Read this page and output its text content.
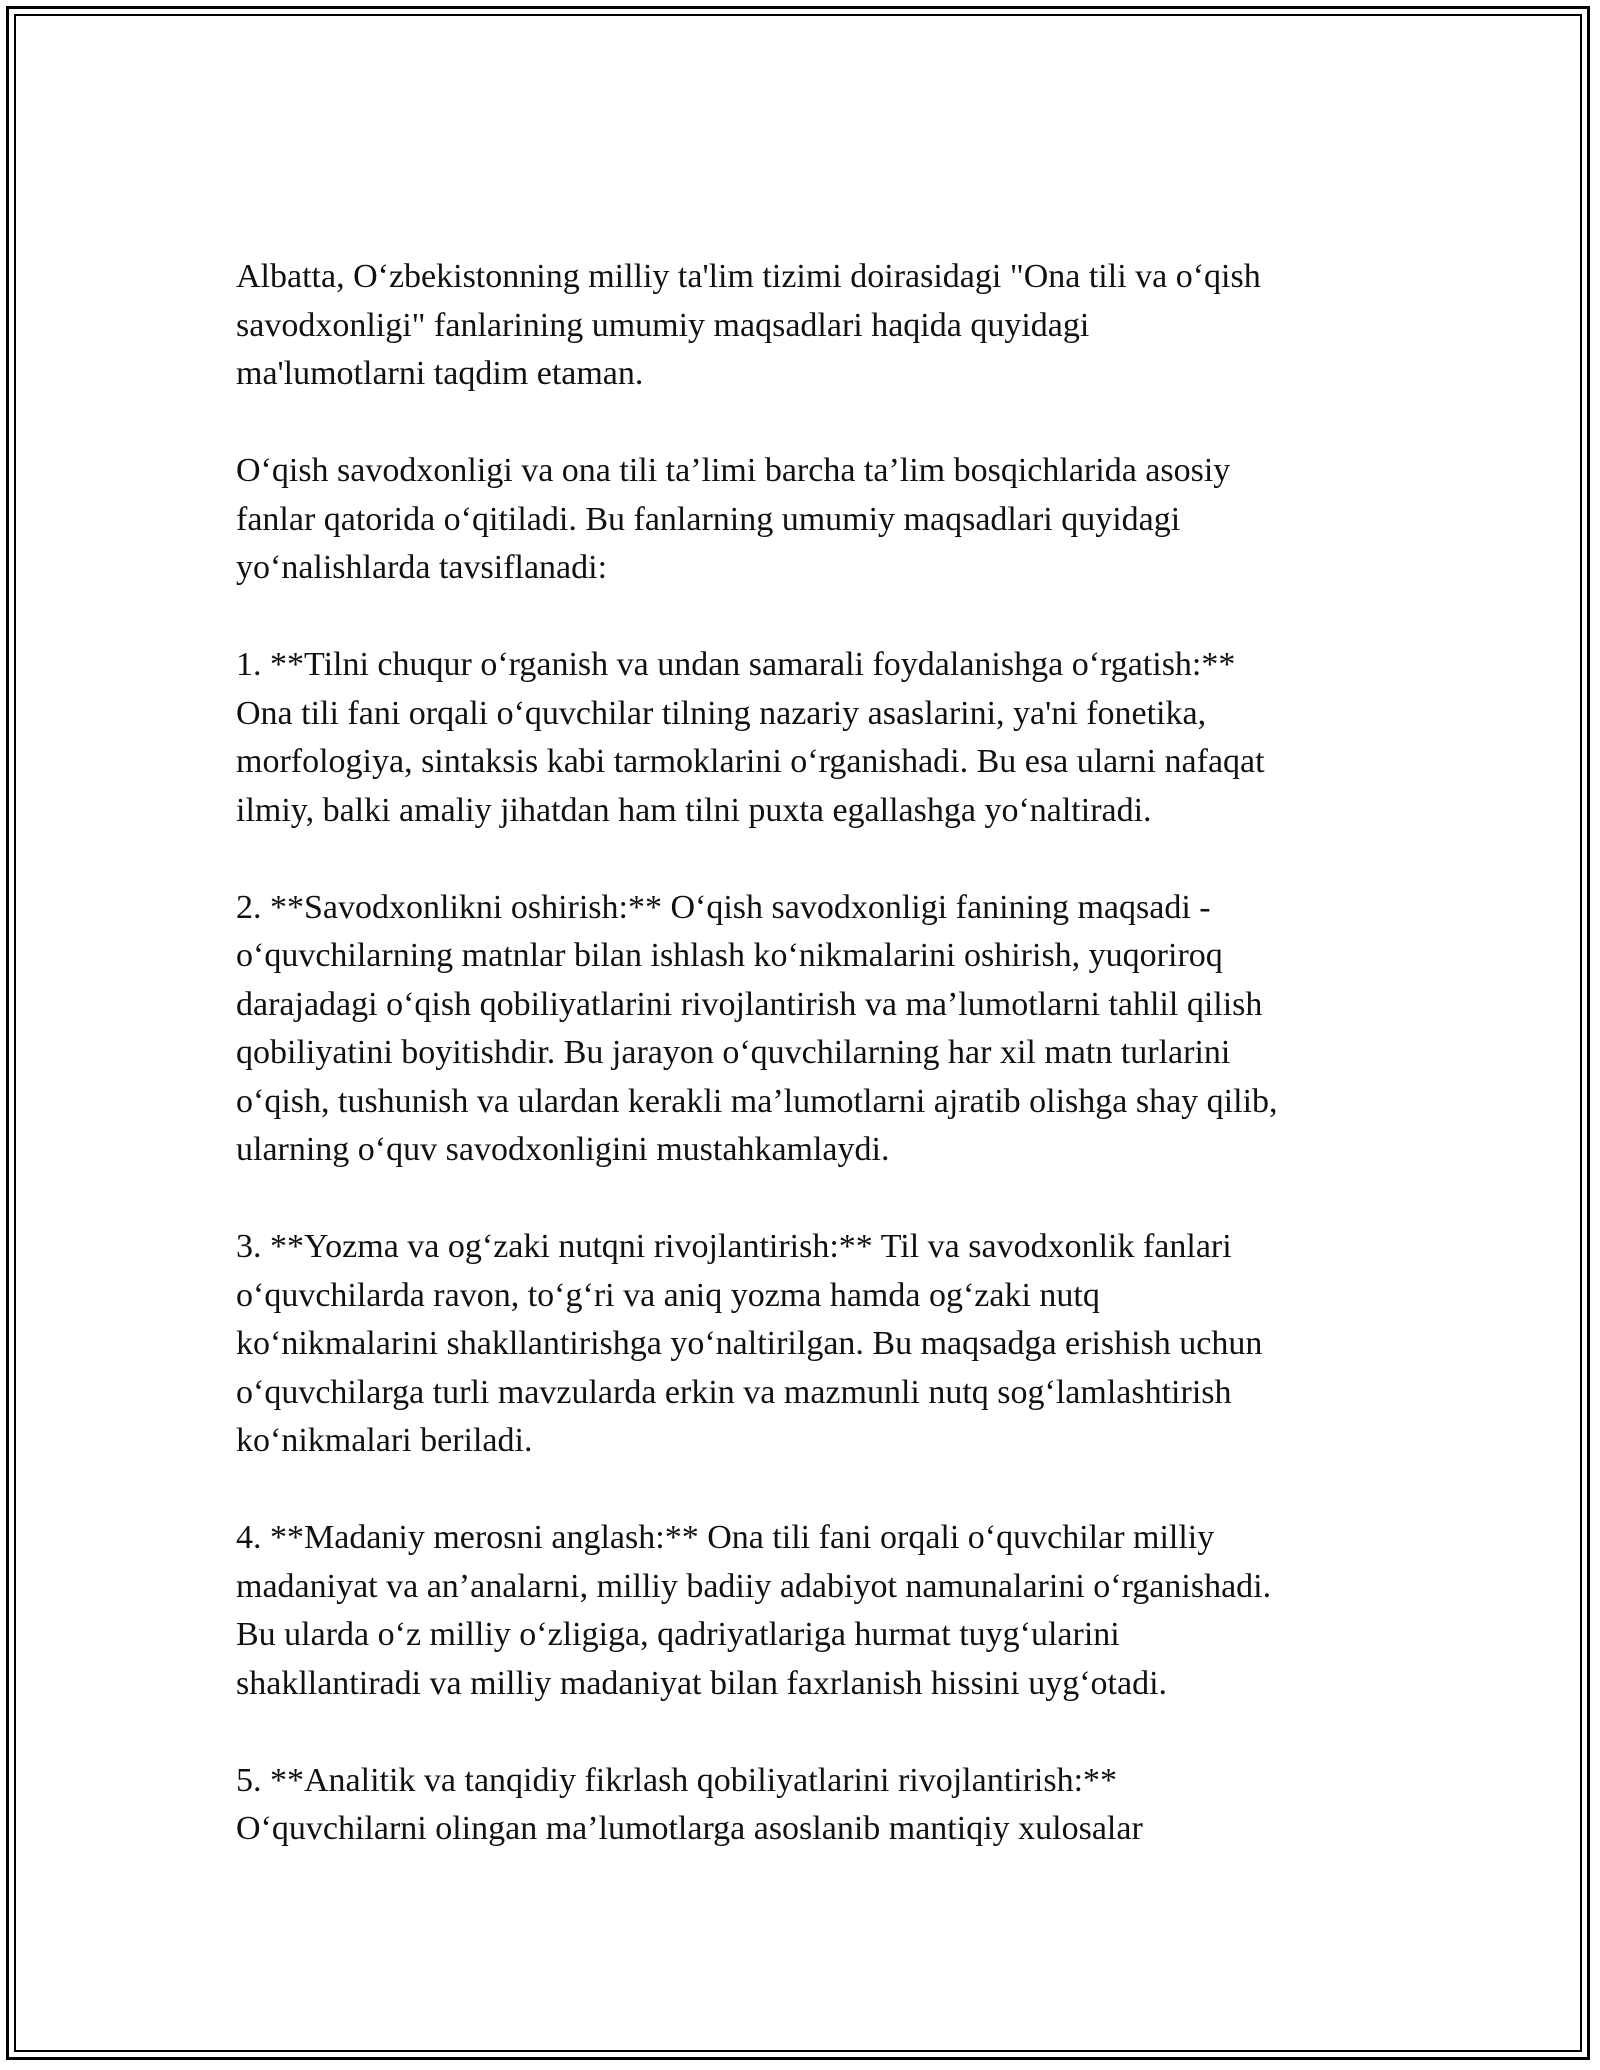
Albatta, O‘zbekistonning milliy ta'lim tizimi doirasidagi "Ona tili va o‘qish
savodxonligi" fanlarining umumiy maqsadlari haqida quyidagi
ma'lumotlarni taqdim etaman.

O‘qish savodxonligi va ona tili ta’limi barcha ta’lim bosqichlarida asosiy
fanlar qatorida o‘qitiladi. Bu fanlarning umumiy maqsadlari quyidagi
yo‘nalishlarda tavsiflanadi:

1. **Tilni chuqur o‘rganish va undan samarali foydalanishga o‘rgatish:**
Ona tili fani orqali o‘quvchilar tilning nazariy asaslarini, ya'ni fonetika,
morfologiya, sintaksis kabi tarmoklarini o‘rganishadi. Bu esa ularni nafaqat
ilmiy, balki amaliy jihatdan ham tilni puxta egallashga yo‘naltiradi.

2. **Savodxonlikni oshirish:** O‘qish savodxonligi fanining maqsadi -
o‘quvchilarning matnlar bilan ishlash ko‘nikmalarini oshirish, yuqoriroq
darajadagi o‘qish qobiliyatlarini rivojlantirish va ma’lumotlarni tahlil qilish
qobiliyatini boyitishdir. Bu jarayon o‘quvchilarning har xil matn turlarini
o‘qish, tushunish va ulardan kerakli ma’lumotlarni ajratib olishga shay qilib,
ularning o‘quv savodxonligini mustahkamlaydi.

3. **Yozma va og‘zaki nutqni rivojlantirish:** Til va savodxonlik fanlari
o‘quvchilarda ravon, to‘g‘ri va aniq yozma hamda og‘zaki nutq
ko‘nikmalarini shakllantirishga yo‘naltirilgan. Bu maqsadga erishish uchun
o‘quvchilarga turli mavzularda erkin va mazmunli nutq sog‘lamlashtirish
ko‘nikmalari beriladi.

4. **Madaniy merosni anglash:** Ona tili fani orqali o‘quvchilar milliy
madaniyat va an’analarni, milliy badiiy adabiyot namunalarini o‘rganishadi.
Bu ularda o‘z milliy o‘zligiga, qadriyatlariga hurmat tuyg‘ularini
shakllantiradi va milliy madaniyat bilan faxrlanish hissini uyg‘otadi.

5. **Analitik va tanqidiy fikrlash qobiliyatlarini rivojlantirish:**
O‘quvchilarni olingan ma’lumotlarga asoslanib mantiqiy xulosalar
